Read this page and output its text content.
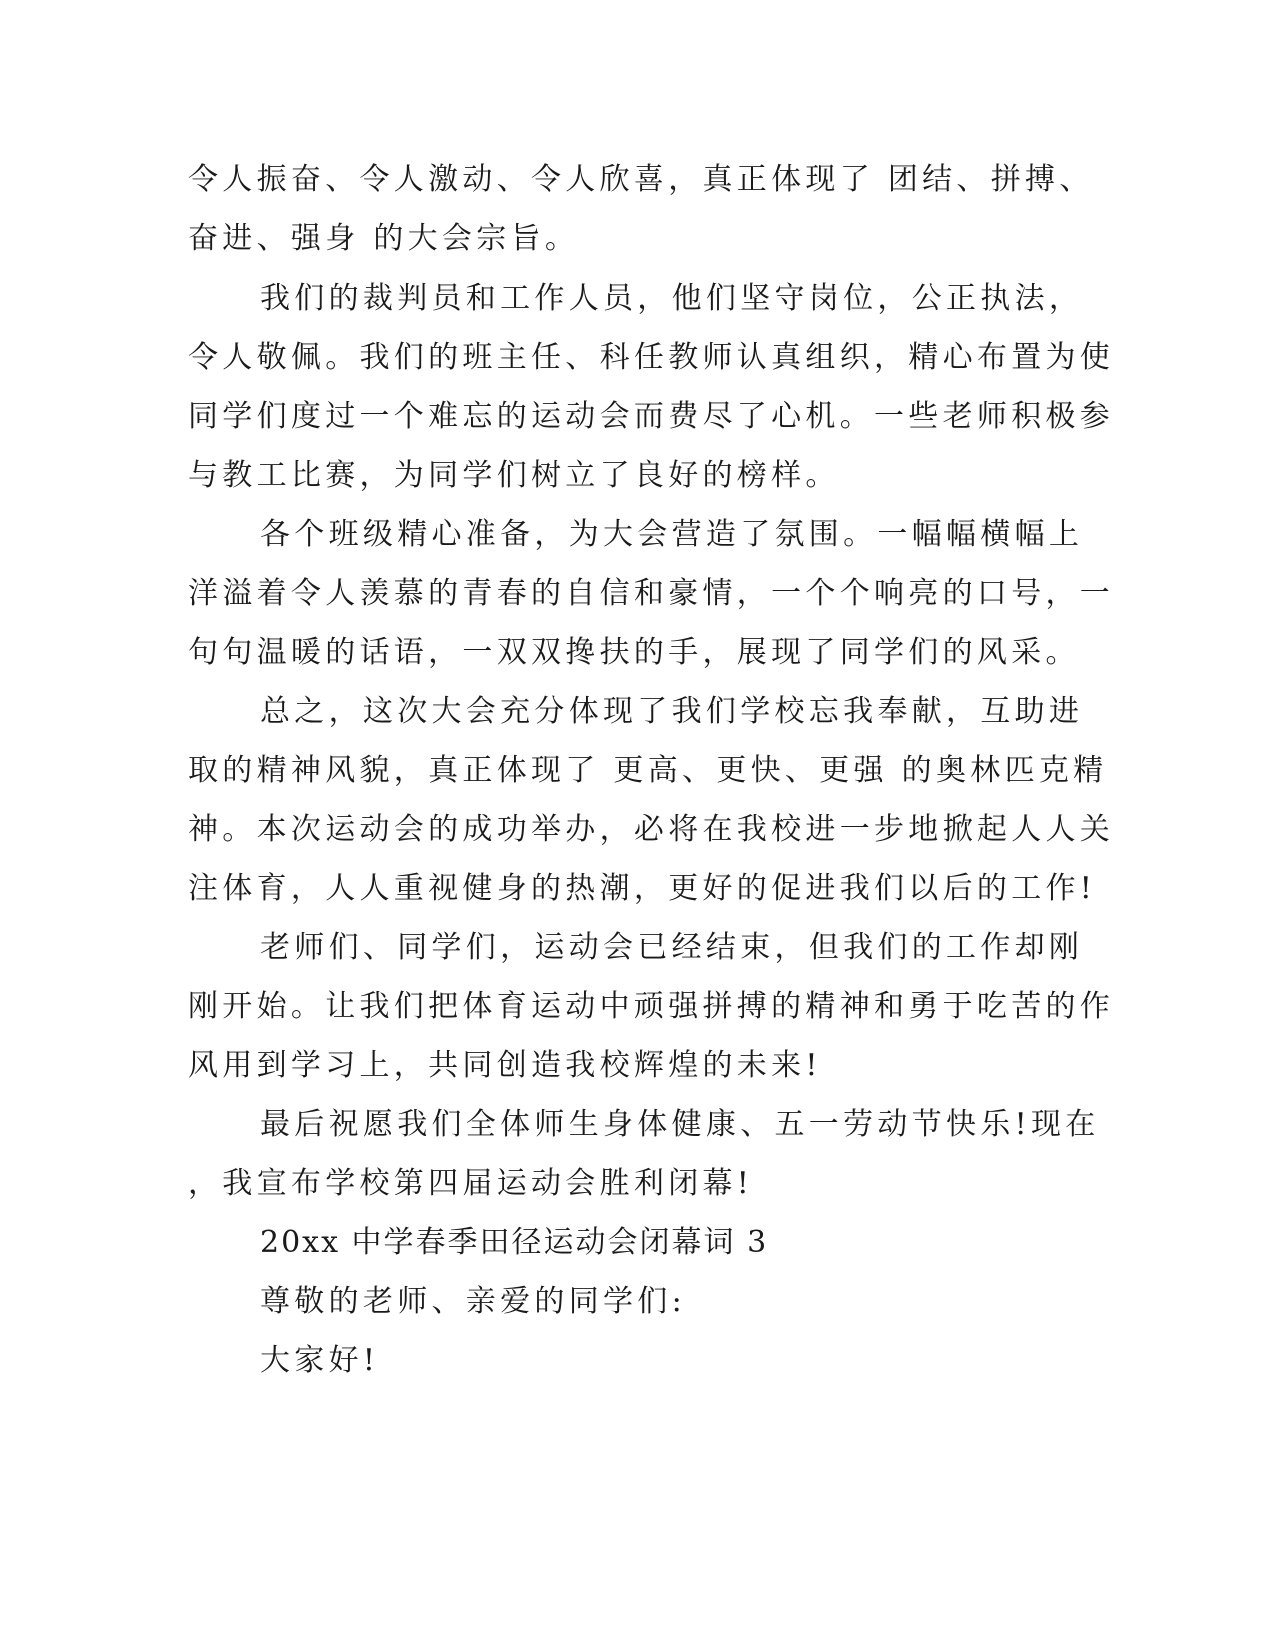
令人振奋、令人激动、令人欣喜，真正体现了 团结、拼搏、

奋进、强身 的大会宗旨。

我们的裁判员和工作人员，他们坚守岗位，公正执法，

令人敬佩。我们的班主任、科任教师认真组织，精心布置为使

同学们度过一个难忘的运动会而费尽了心机。一些老师积极参

与教工比赛，为同学们树立了良好的榜样。

各个班级精心准备，为大会营造了氛围。一幅幅横幅上

洋溢着令人羡慕的青春的自信和豪情，一个个响亮的口号，一

句句温暖的话语，一双双搀扶的手，展现了同学们的风采。

总之，这次大会充分体现了我们学校忘我奉献，互助进

取的精神风貌，真正体现了 更高、更快、更强 的奥林匹克精

神。本次运动会的成功举办，必将在我校进一步地掀起人人关

注体育，人人重视健身的热潮，更好的促进我们以后的工作!

老师们、同学们，运动会已经结束，但我们的工作却刚

刚开始。让我们把体育运动中顽强拼搏的精神和勇于吃苦的作

风用到学习上，共同创造我校辉煌的未来!

最后祝愿我们全体师生身体健康、五一劳动节快乐!现在

，我宣布学校第四届运动会胜利闭幕!

20xx 中学春季田径运动会闭幕词 3

尊敬的老师、亲爱的同学们:

大家好!
